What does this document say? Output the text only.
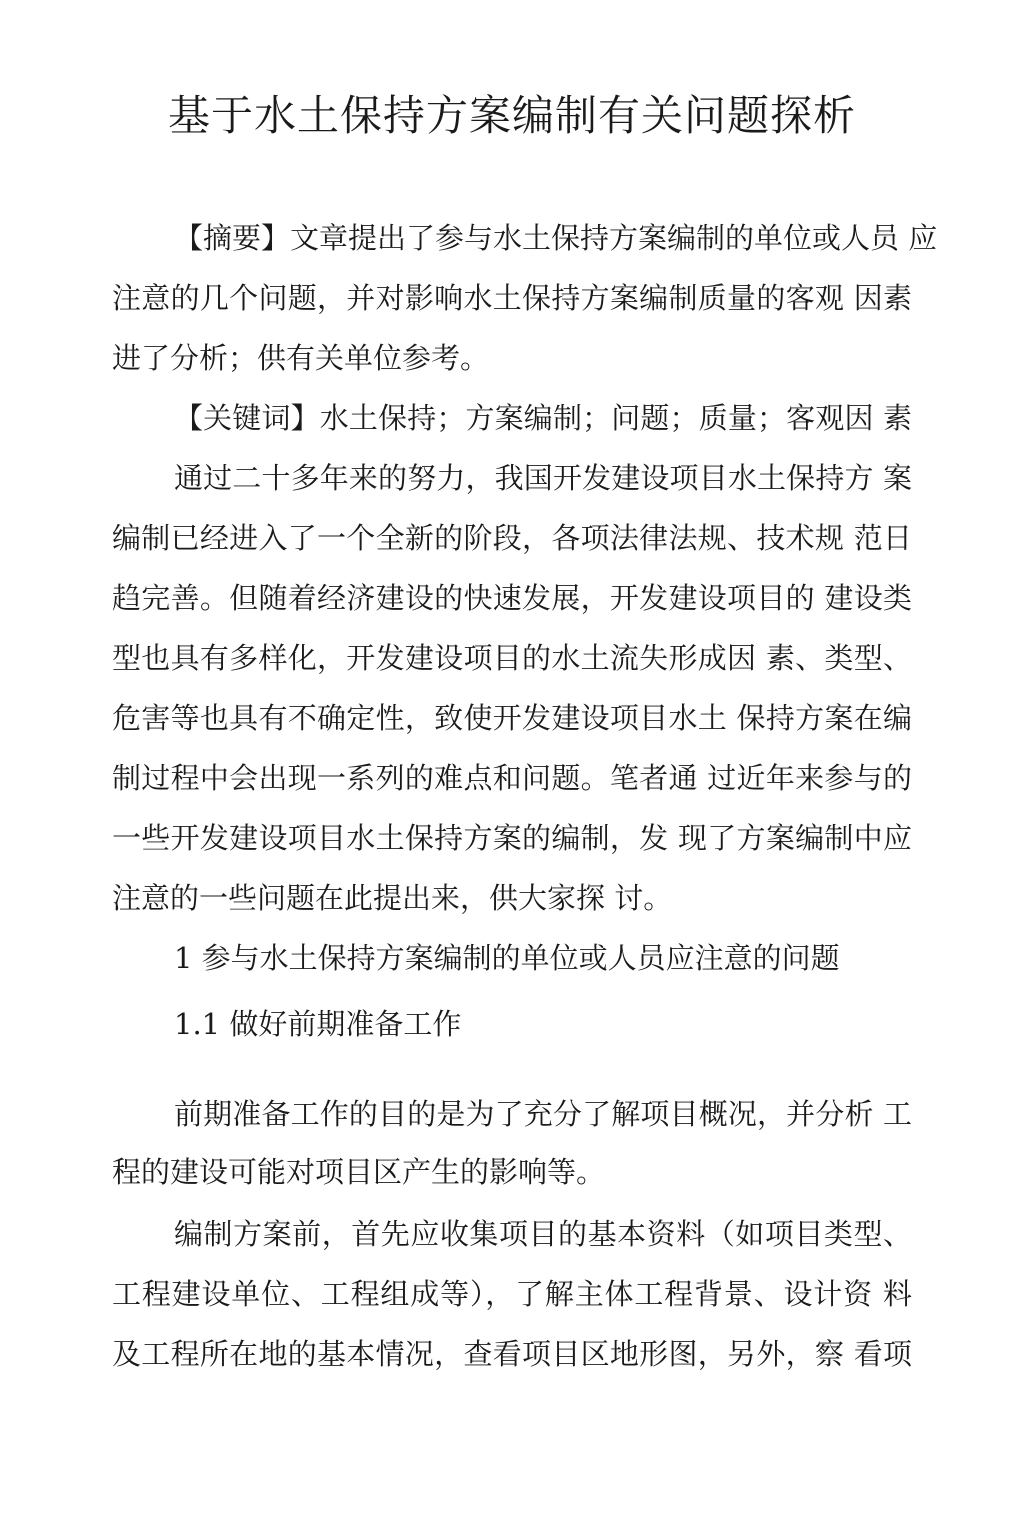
基于水土保持方案编制有关问题探析

【摘要】文章提出了参与水土保持方案编制的单位或人员 应

注意的几个问题，并对影响水土保持方案编制质量的客观 因素

进了分析；供有关单位参考。

【关键词】水土保持；方案编制；问题；质量；客观因 素

通过二十多年来的努力，我国开发建设项目水土保持方 案

编制已经进入了一个全新的阶段，各项法律法规、技术规 范日

趋完善。但随着经济建设的快速发展，开发建设项目的 建设类

型也具有多样化，开发建设项目的水土流失形成因 素、类型、

危害等也具有不确定性，致使开发建设项目水土 保持方案在编

制过程中会出现一系列的难点和问题。笔者通 过近年来参与的

一些开发建设项目水土保持方案的编制，发 现了方案编制中应

注意的一些问题在此提出来，供大家探 讨。

1 参与水土保持方案编制的单位或人员应注意的问题

1.1 做好前期准备工作

前期准备工作的目的是为了充分了解项目概况，并分析 工

程的建设可能对项目区产生的影响等。

编制方案前，首先应收集项目的基本资料（如项目类型、

工程建设单位、工程组成等），了解主体工程背景、设计资 料

及工程所在地的基本情况，查看项目区地形图，另外，察 看项
